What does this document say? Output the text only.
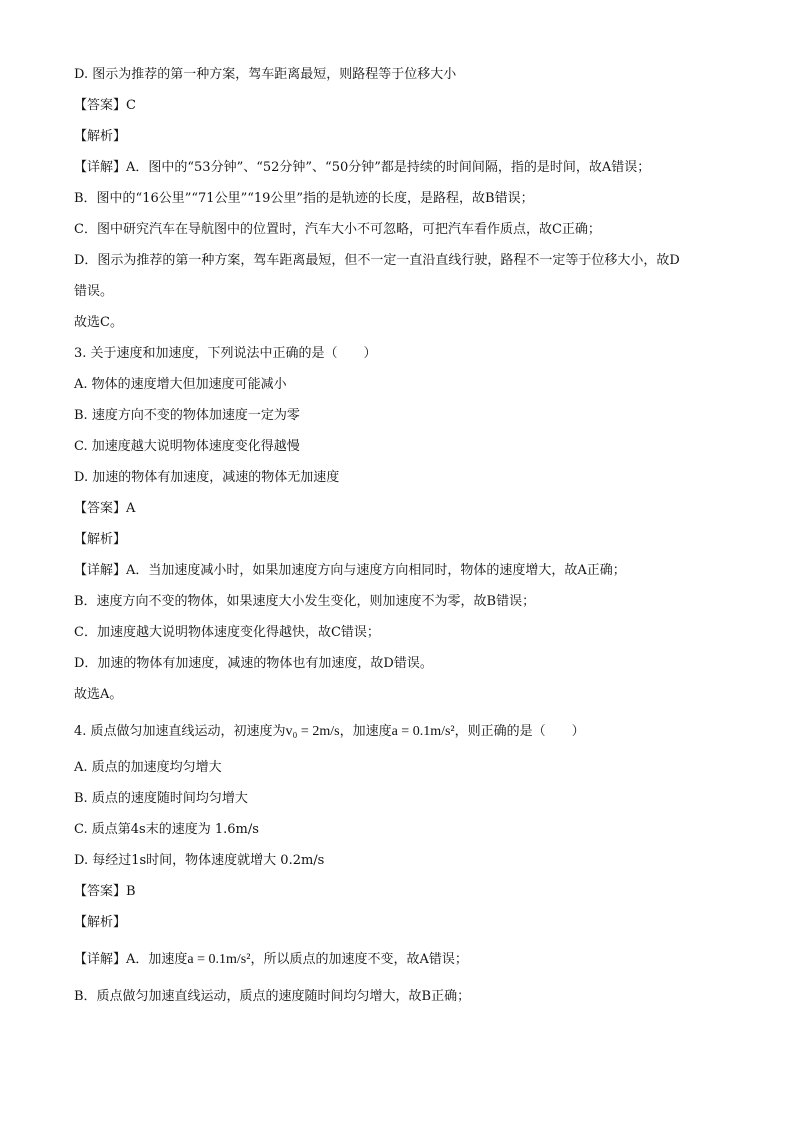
D. 图示为推荐的第一种方案，驾车距离最短，则路程等于位移大小
【答案】C
【解析】
【详解】A．图中的“53分钟”、“52分钟”、“50分钟”都是持续的时间间隔，指的是时间，故A错误；
B．图中的“16公里”“71公里”“19公里”指的是轨迹的长度，是路程，故B错误；
C．图中研究汽车在导航图中的位置时，汽车大小不可忽略，可把汽车看作质点，故C正确；
D．图示为推荐的第一种方案，驾车距离最短，但不一定一直沿直线行驶，路程不一定等于位移大小，故D
错误。
故选C。
3. 关于速度和加速度，下列说法中正确的是（　　）
A. 物体的速度增大但加速度可能减小
B. 速度方向不变的物体加速度一定为零
C. 加速度越大说明物体速度变化得越慢
D. 加速的物体有加速度，减速的物体无加速度
【答案】A
【解析】
【详解】A．当加速度减小时，如果加速度方向与速度方向相同时，物体的速度增大，故A正确；
B．速度方向不变的物体，如果速度大小发生变化，则加速度不为零，故B错误；
C．加速度越大说明物体速度变化得越快，故C错误；
D．加速的物体有加速度，减速的物体也有加速度，故D错误。
故选A。
4. 质点做匀加速直线运动，初速度为v₀ = 2m/s，加速度a = 0.1m/s²，则正确的是（　　）
A. 质点的加速度均匀增大
B. 质点的速度随时间均匀增大
C. 质点第4s末的速度为 1.6m/s
D. 每经过1s时间，物体速度就增大 0.2m/s
【答案】B
【解析】
【详解】A．加速度a = 0.1m/s²，所以质点的加速度不变，故A错误；
B．质点做匀加速直线运动，质点的速度随时间均匀增大，故B正确；
